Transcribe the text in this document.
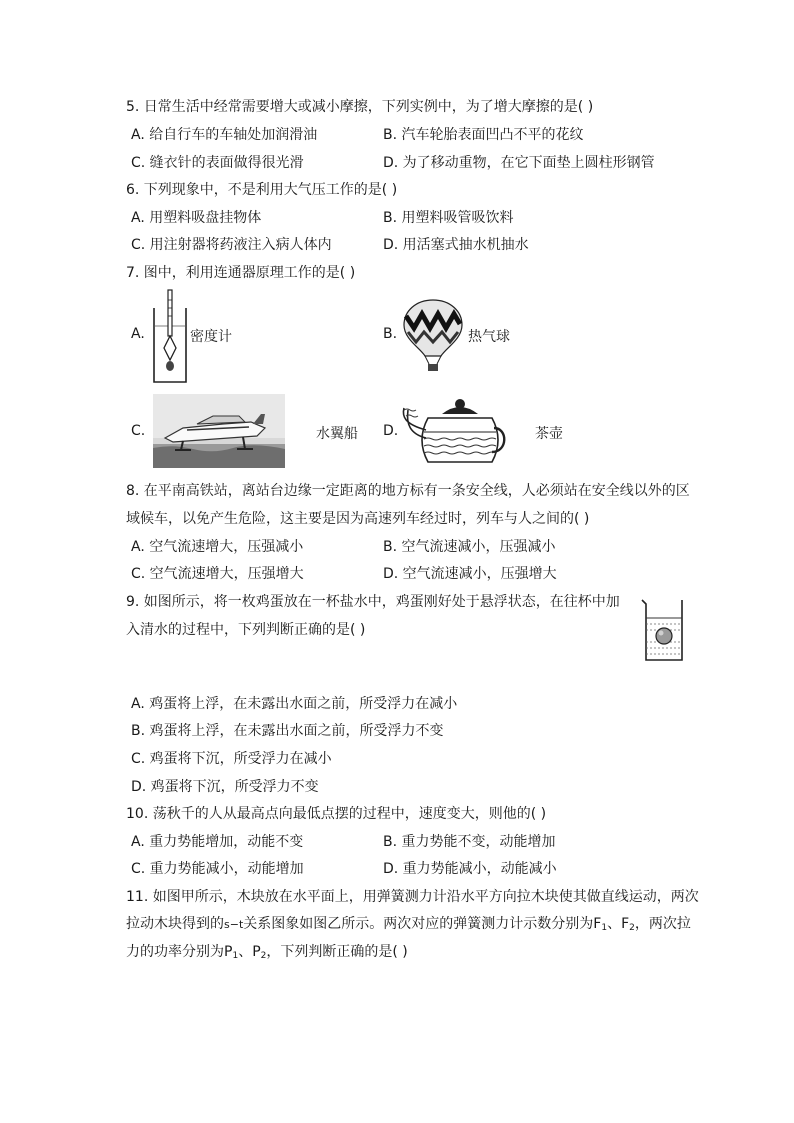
5. 日常生活中经常需要增大或减小摩擦，下列实例中，为了增大摩擦的是( )
A. 给自行车的车轴处加润滑油	B. 汽车轮胎表面凹凸不平的花纹
C. 缝衣针的表面做得很光滑	D. 为了移动重物，在它下面垫上圆柱形钢管
6. 下列现象中，不是利用大气压工作的是( )
A. 用塑料吸盘挂物体	B. 用塑料吸管吸饮料
C. 用注射器将药液注入病人体内	D. 用活塞式抽水机抽水
7. 图中，利用连通器原理工作的是( )
A.	密度计	B.	热气球
C.	水翼船 D.	茶壶
8. 在平南高铁站，离站台边缘一定距离的地方标有一条安全线，人必须站在安全线以外的区
域候车，以免产生危险，这主要是因为高速列车经过时，列车与人之间的( )
A. 空气流速增大，压强减小	B. 空气流速减小，压强减小
C. 空气流速增大，压强增大	D. 空气流速减小，压强增大
9. 如图所示，将一枚鸡蛋放在一杯盐水中，鸡蛋刚好处于悬浮状态，在往杯中加
入清水的过程中，下列判断正确的是( )
A. 鸡蛋将上浮，在未露出水面之前，所受浮力在减小
B. 鸡蛋将上浮，在未露出水面之前，所受浮力不变
C. 鸡蛋将下沉，所受浮力在减小
D. 鸡蛋将下沉，所受浮力不变
10. 荡秋千的人从最高点向最低点摆的过程中，速度变大，则他的( )
A. 重力势能增加，动能不变	B. 重力势能不变，动能增加
C. 重力势能减小，动能增加	D. 重力势能减小，动能减小
11. 如图甲所示，木块放在水平面上，用弹簧测力计沿水平方向拉木块使其做直线运动，两次
拉动木块得到的s−t关系图象如图乙所示。两次对应的弹簧测力计示数分别为$F_1$、$F_2$，两次拉
力的功率分别为$P_1$、$P_2$，下列判断正确的是( )
